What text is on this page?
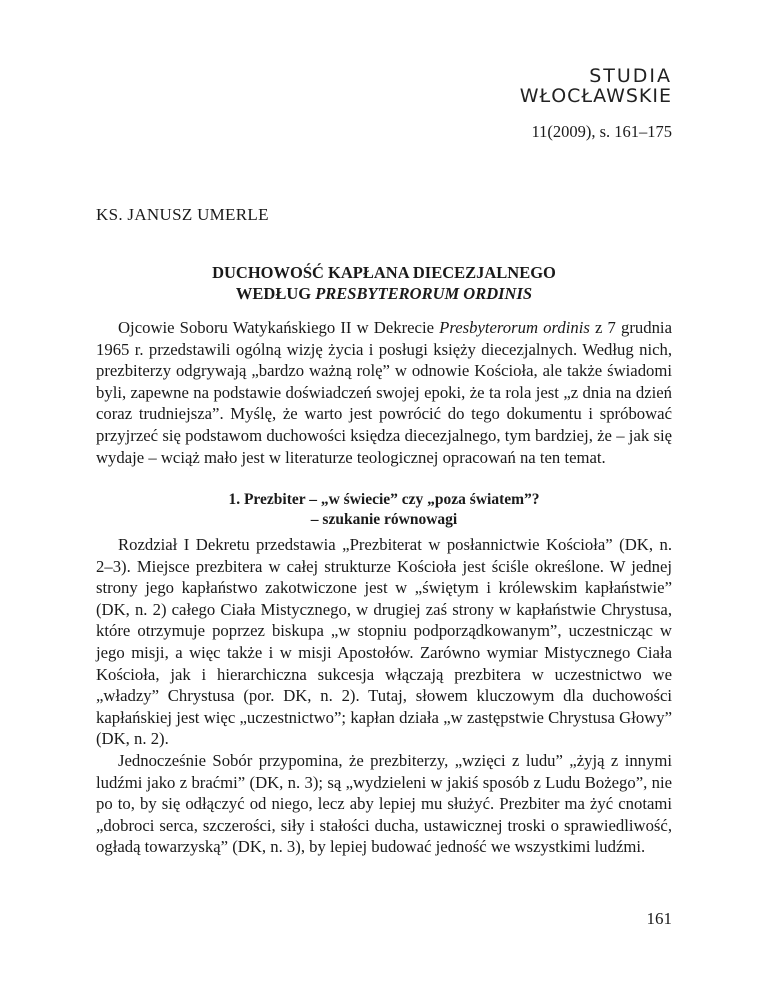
STUDIA
WŁOCŁAWSKIE
11(2009), s. 161–175
KS. JANUSZ UMERLE
DUCHOWOŚĆ KAPŁANA DIECEZJALNEGO
WEDŁUG PRESBYTERORUM ORDINIS

Ojcowie Soboru Watykańskiego II w Dekrecie Presbyterorum ordinis z 7 grudnia 1965 r. przedstawili ogólną wizję życia i posługi księży diecezjalnych. Według nich, prezbiterzy odgrywają „bardzo ważną rolę” w odnowie Kościoła, ale także świadomi byli, zapewne na podstawie doświadczeń swojej epoki, że ta rola jest „z dnia na dzień coraz trudniejsza”. Myślę, że warto jest powrócić do tego dokumentu i spróbować przyjrzeć się podstawom duchowości księdza diecezjalnego, tym bardziej, że – jak się wydaje – wciąż mało jest w literaturze teologicznej opracowań na ten temat.

1. Prezbiter – „w świecie” czy „poza światem”?
– szukanie równowagi

Rozdział I Dekretu przedstawia „Prezbiterat w posłannictwie Kościoła” (DK, n. 2–3). Miejsce prezbitera w całej strukturze Kościoła jest ściśle określone. W jednej strony jego kapłaństwo zakotwiczone jest w „świętym i królewskim kapłaństwie” (DK, n. 2) całego Ciała Mistycznego, w drugiej zaś strony w kapłaństwie Chrystusa, które otrzymuje poprzez biskupa „w stopniu podporządkowanym”, uczestnicząc w jego misji, a więc także i w misji Apostołów. Zarówno wymiar Mistycznego Ciała Kościoła, jak i hierarchiczna sukcesja włączają prezbitera w uczestnictwo we „władzy” Chrystusa (por. DK, n. 2). Tutaj, słowem kluczowym dla duchowości kapłańskiej jest więc „uczestnictwo”; kapłan działa „w zastępstwie Chrystusa Głowy” (DK, n. 2).

Jednocześnie Sobór przypomina, że prezbiterzy, „wzięci z ludu” „żyją z innymi ludźmi jako z braćmi” (DK, n. 3); są „wydzieleni w jakiś sposób z Ludu Bożego”, nie po to, by się odłączyć od niego, lecz aby lepiej mu służyć. Prezbiter ma żyć cnotami „dobroci serca, szczerości, siły i stałości ducha, ustawicznej troski o sprawiedliwość, ogładą towarzyską” (DK, n. 3), by lepiej budować jedność we wszystkimi ludźmi.

161
